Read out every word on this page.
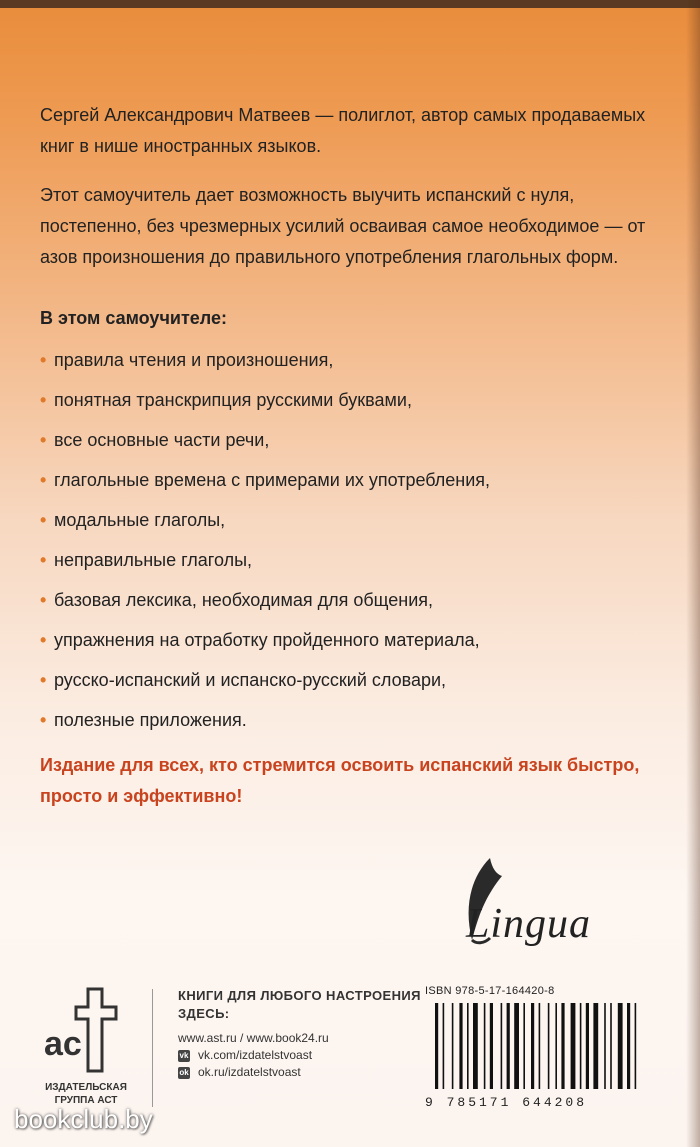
Сергей Александрович Матвеев — полиглот, автор самых продаваемых книг в нише иностранных языков.

Этот самоучитель дает возможность выучить испанский с нуля, постепенно, без чрезмерных усилий осваивая самое необходимое — от азов произношения до правильного употребления глагольных форм.

В этом самоучителе:

• правила чтения и произношения,
• понятная транскрипция русскими буквами,
• все основные части речи,
• глагольные времена с примерами их употребления,
• модальные глаголы,
• неправильные глаголы,
• базовая лексика, необходимая для общения,
• упражнения на отработку пройденного материала,
• русско-испанский и испанско-русский словари,
• полезные приложения.

Издание для всех, кто стремится освоить испанский язык быстро, просто и эффективно!

Lingua
ac
ИЗДАТЕЛЬСКАЯ ГРУППА АСТ
КНИГИ ДЛЯ ЛЮБОГО НАСТРОЕНИЯ ЗДЕСЬ:
www.ast.ru / www.book24.ru
vk vk.com/izdatelstvoast
ok ok.ru/izdatelstvoast
ISBN 978-5-17-164420-8
9 785171 644208
bookclub.by
